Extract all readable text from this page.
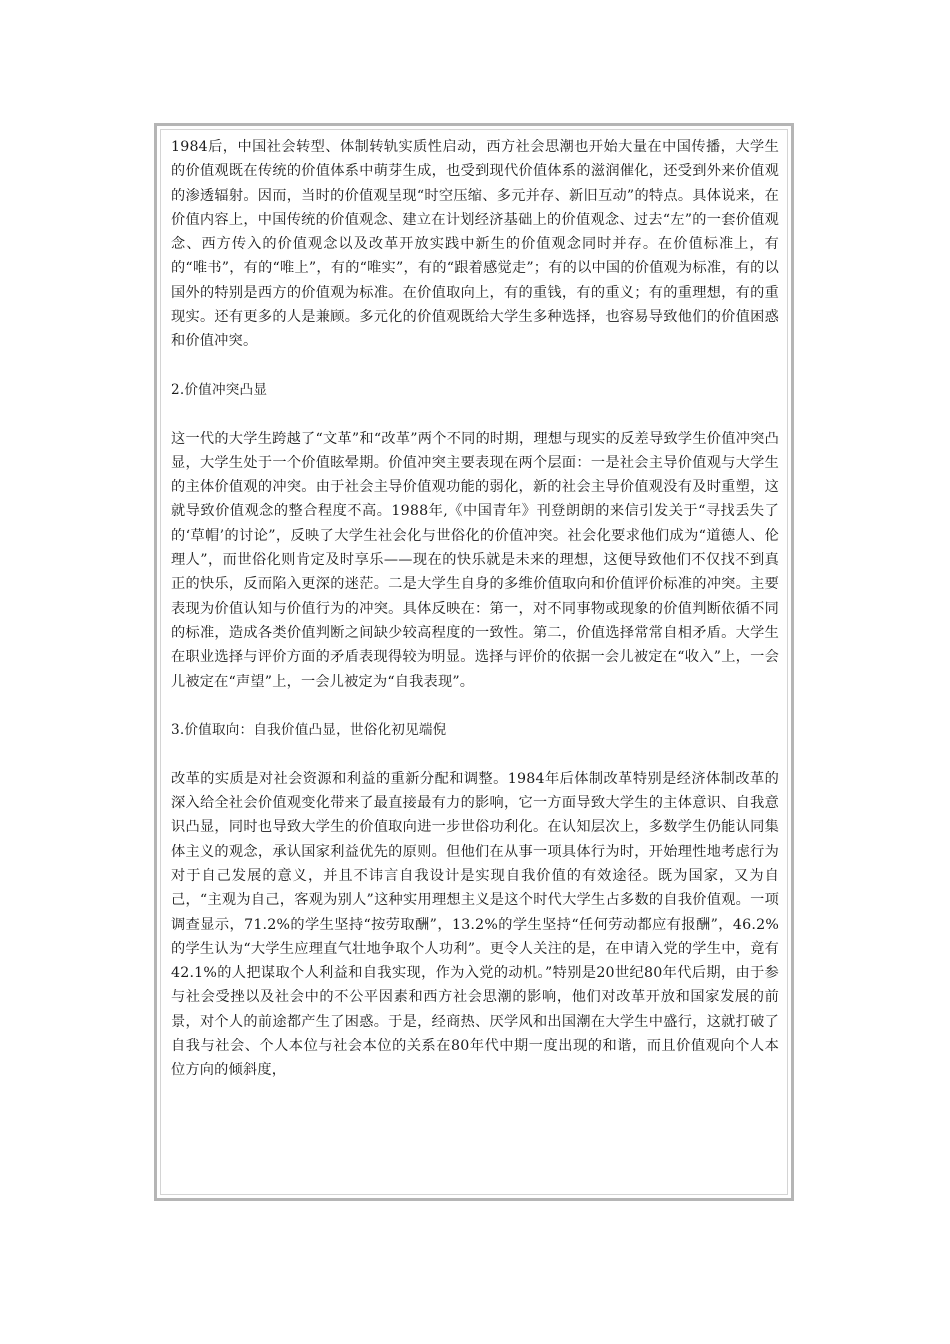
1984后，中国社会转型、体制转轨实质性启动，西方社会思潮也开始大量在中国传播，大学生的价值观既在传统的价值体系中萌芽生成，也受到现代价值体系的滋润催化，还受到外来价值观的渗透辐射。因而，当时的价值观呈现“时空压缩、多元并存、新旧互动”的特点。具体说来，在价值内容上，中国传统的价值观念、建立在计划经济基础上的价值观念、过去“左”的一套价值观念、西方传入的价值观念以及改革开放实践中新生的价值观念同时并存。在价值标准上，有的“唯书”，有的“唯上”，有的“唯实”，有的“跟着感觉走”；有的以中国的价值观为标准，有的以国外的特别是西方的价值观为标准。在价值取向上，有的重钱，有的重义；有的重理想，有的重现实。还有更多的人是兼顾。多元化的价值观既给大学生多种选择，也容易导致他们的价值困惑和价值冲突。

2.价值冲突凸显

这一代的大学生跨越了“文革”和“改革”两个不同的时期，理想与现实的反差导致学生价值冲突凸显，大学生处于一个价值眩晕期。价值冲突主要表现在两个层面：一是社会主导价值观与大学生的主体价值观的冲突。由于社会主导价值观功能的弱化，新的社会主导价值观没有及时重塑，这就导致价值观念的整合程度不高。1988年,《中国青年》刊登朗朗的来信引发关于“寻找丢失了的‘草帽’的讨论”，反映了大学生社会化与世俗化的价值冲突。社会化要求他们成为“道德人、伦理人”，而世俗化则肯定及时享乐——现在的快乐就是未来的理想，这便导致他们不仅找不到真正的快乐，反而陷入更深的迷茫。二是大学生自身的多维价值取向和价值评价标准的冲突。主要表现为价值认知与价值行为的冲突。具体反映在：第一，对不同事物或现象的价值判断依循不同的标准，造成各类价值判断之间缺少较高程度的一致性。第二，价值选择常常自相矛盾。大学生在职业选择与评价方面的矛盾表现得较为明显。选择与评价的依据一会儿被定在“收入”上，一会儿被定在“声望”上，一会儿被定为“自我表现”。

3.价值取向：自我价值凸显，世俗化初见端倪

改革的实质是对社会资源和利益的重新分配和调整。1984年后体制改革特别是经济体制改革的深入给全社会价值观变化带来了最直接最有力的影响，它一方面导致大学生的主体意识、自我意识凸显，同时也导致大学生的价值取向进一步世俗功利化。在认知层次上，多数学生仍能认同集体主义的观念，承认国家利益优先的原则。但他们在从事一项具体行为时，开始理性地考虑行为对于自己发展的意义，并且不讳言自我设计是实现自我价值的有效途径。既为国家，又为自己，“主观为自己，客观为别人”这种实用理想主义是这个时代大学生占多数的自我价值观。一项调查显示，71.2%的学生坚持“按劳取酬”，13.2%的学生坚持“任何劳动都应有报酬”，46.2%的学生认为“大学生应理直气壮地争取个人功利”。更令人关注的是，在申请入党的学生中，竟有42.1%的人把谋取个人利益和自我实现，作为入党的动机。”特别是20世纪80年代后期，由于参与社会受挫以及社会中的不公平因素和西方社会思潮的影响，他们对改革开放和国家发展的前景，对个人的前途都产生了困惑。于是，经商热、厌学风和出国潮在大学生中盛行，这就打破了自我与社会、个人本位与社会本位的关系在80年代中期一度出现的和谐，而且价值观向个人本位方向的倾斜度，
